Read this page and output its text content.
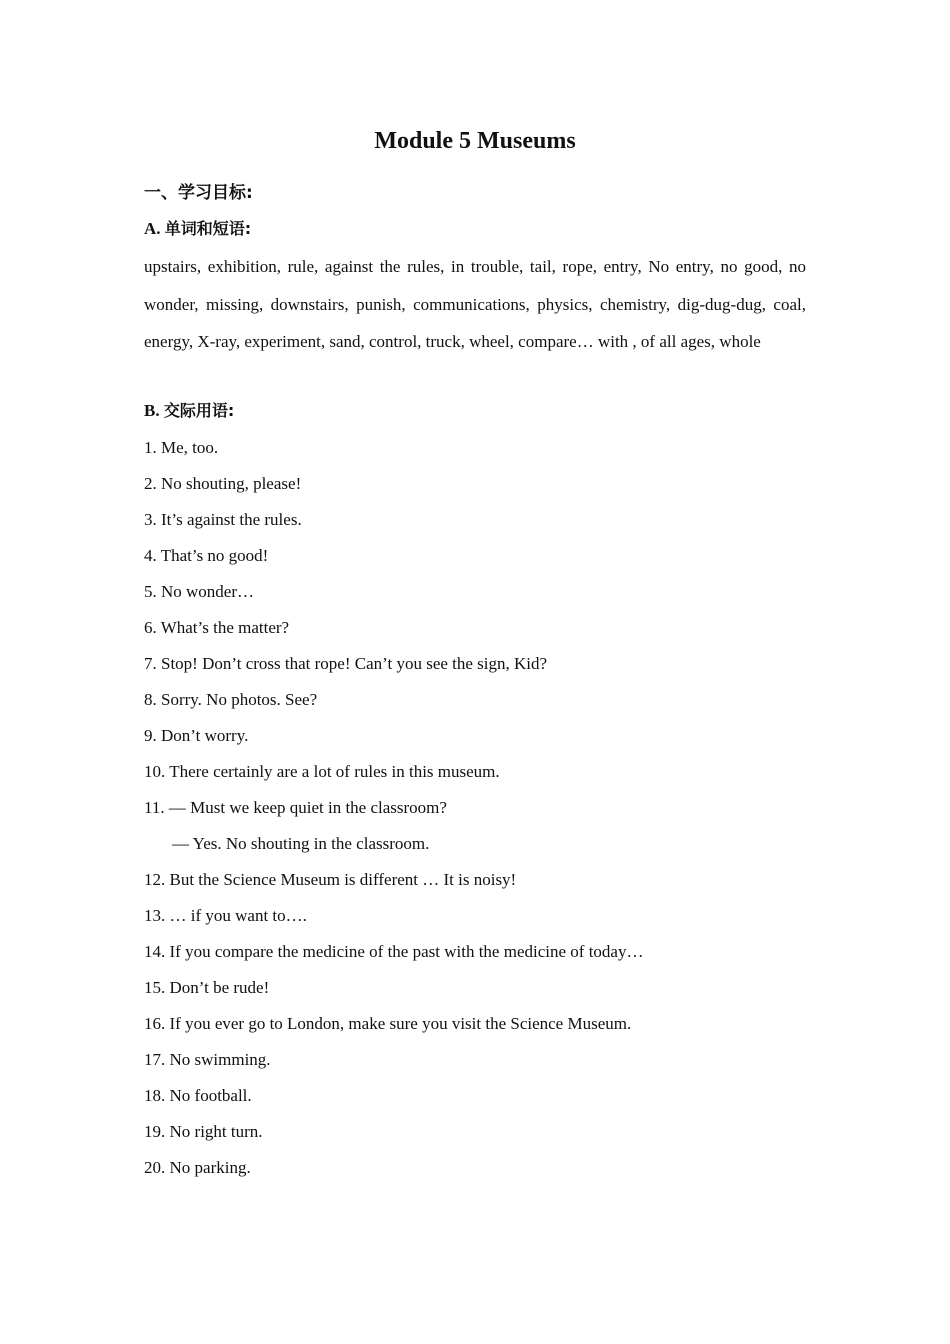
Module 5 Museums
一、学习目标:
A. 单词和短语:

upstairs, exhibition, rule, against the rules, in trouble, tail, rope, entry, No entry, no good, no wonder, missing, downstairs, punish, communications, physics, chemistry, dig-dug-dug, coal, energy, X-ray, experiment, sand, control, truck, wheel, compare… with , of all ages, whole

B. 交际用语:
1. Me, too.
2. No shouting, please!
3. It’s against the rules.
4. That’s no good!
5. No wonder…
6. What’s the matter?
7. Stop! Don’t cross that rope! Can’t you see the sign, Kid?
8. Sorry. No photos. See?
9. Don’t worry.
10. There certainly are a lot of rules in this museum.
11. — Must we keep quiet in the classroom?
— Yes. No shouting in the classroom.
12. But the Science Museum is different … It is noisy!
13. … if you want to….
14. If you compare the medicine of the past with the medicine of today…
15. Don’t be rude!
16. If you ever go to London, make sure you visit the Science Museum.
17. No swimming.
18. No football.
19. No right turn.
20. No parking.
